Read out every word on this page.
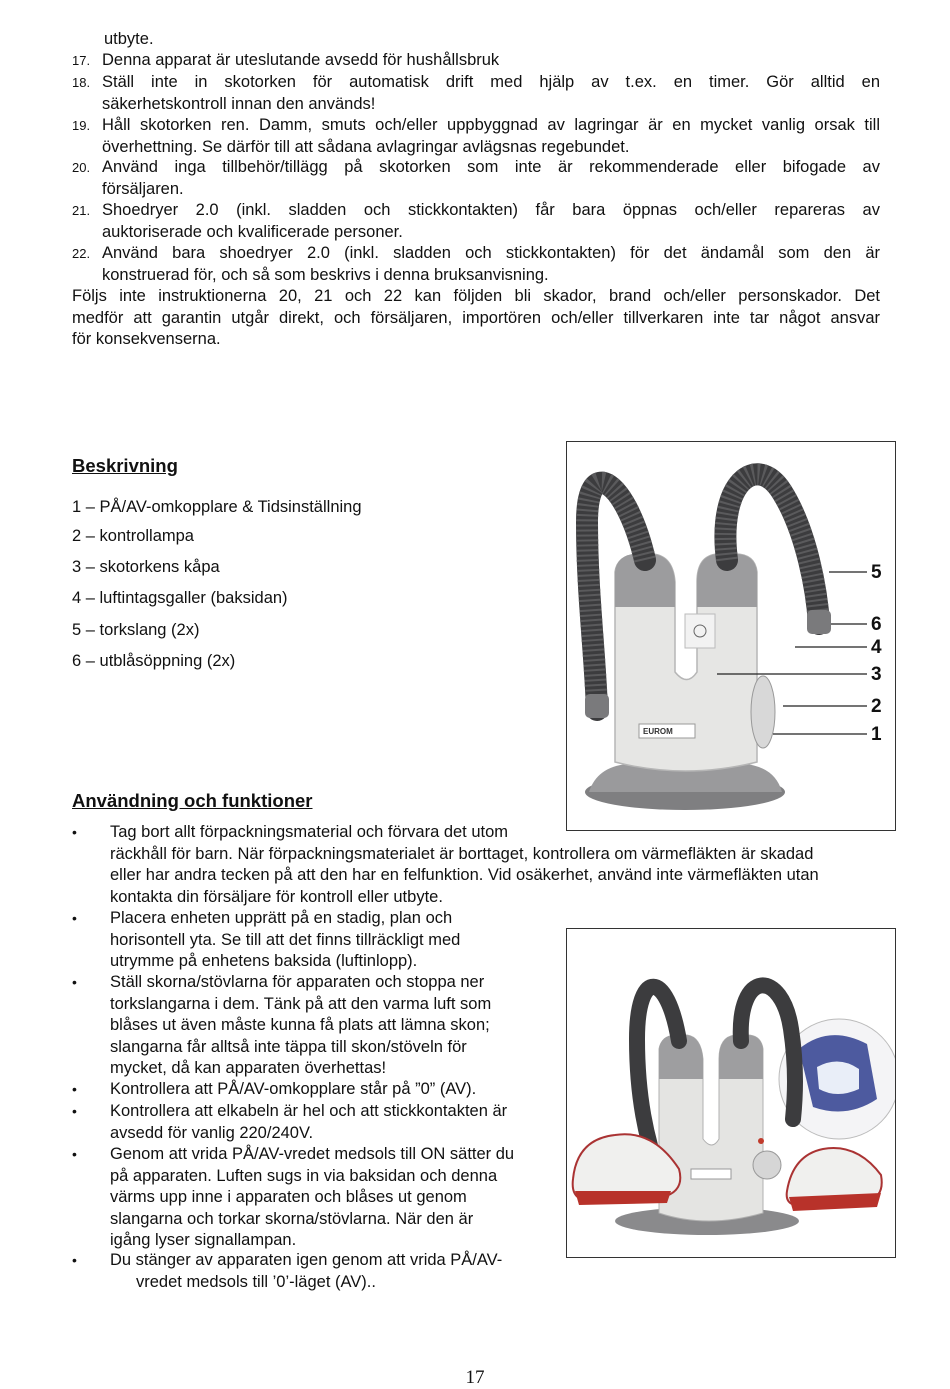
utbyte.
17. Denna apparat är uteslutande avsedd för hushållsbruk
18. Ställ inte in skotorken för automatisk drift med hjälp av t.ex. en timer. Gör alltid en
säkerhetskontroll innan den används!
19. Håll skotorken ren. Damm, smuts och/eller uppbyggnad av lagringar är en mycket vanlig orsak till
överhettning. Se därför till att sådana avlagringar avlägsnas regebundet.
20. Använd inga tillbehör/tillägg på skotorken som inte är rekommenderade eller bifogade av
försäljaren.
21. Shoedryer 2.0 (inkl. sladden och stickkontakten) får bara öppnas och/eller repareras av
auktoriserade och kvalificerade personer.
22. Använd bara shoedryer 2.0 (inkl. sladden och stickkontakten) för det ändamål som den är
konstruerad för, och så som beskrivs i denna bruksanvisning.
Följs inte instruktionerna 20, 21 och 22 kan följden bli skador, brand och/eller personskador. Det
medför att garantin utgår direkt, och försäljaren, importören och/eller tillverkaren inte tar något ansvar
för konsekvenserna.
Beskrivning
1 – PÅ/AV-omkopplare & Tidsinställning
2 – kontrollampa
3 – skotorkens kåpa
4 – luftintagsgaller (baksidan)
5 – torkslang (2x)
6 – utblåsöppning (2x)
EUROM
5
6
4
3
2
1
Användning och funktioner
• Tag bort allt förpackningsmaterial och förvara det utom
räckhåll för barn. När förpackningsmaterialet är borttaget, kontrollera om värmefläkten är skadad
eller har andra tecken på att den har en felfunktion. Vid osäkerhet, använd inte värmefläkten utan
kontakta din försäljare för kontroll eller utbyte.
• Placera enheten upprätt på en stadig, plan och
horisontell yta. Se till att det finns tillräckligt med
utrymme på enhetens baksida (luftinlopp).
• Ställ skorna/stövlarna för apparaten och stoppa ner
torkslangarna i dem. Tänk på att den varma luft som
blåses ut även måste kunna få plats att lämna skon;
slangarna får alltså inte täppa till skon/stöveln för
mycket, då kan apparaten överhettas!
• Kontrollera att PÅ/AV-omkopplare står på ”0” (AV).
• Kontrollera att elkabeln är hel och att stickkontakten är
avsedd för vanlig 220/240V.
• Genom att vrida PÅ/AV-vredet medsols till ON sätter du
på apparaten. Luften sugs in via baksidan och denna
värms upp inne i apparaten och blåses ut genom
slangarna och torkar skorna/stövlarna. När den är
igång lyser signallampan.
• Du stänger av apparaten igen genom att vrida PÅ/AV-
vredet medsols till ’0’-läget (AV)..
17
